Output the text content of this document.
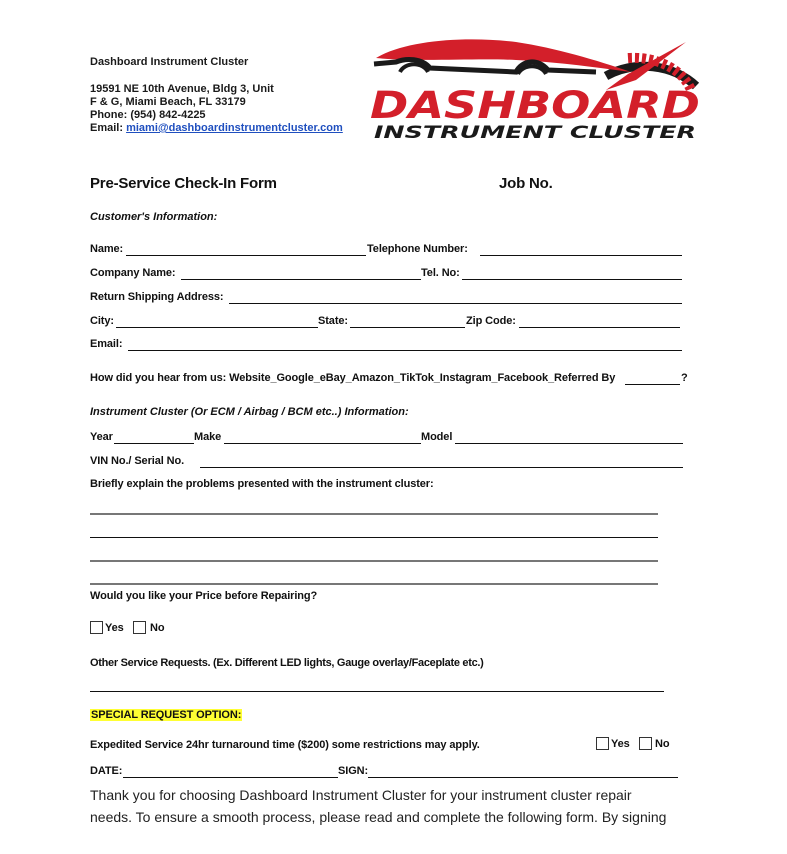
Dashboard Instrument Cluster
19591 NE 10th Avenue, Bldg 3, Unit
F & G, Miami Beach, FL 33179
Phone: (954) 842-4225
Email: miami@dashboardinstrumentcluster.com
DASHBOARD
INSTRUMENT CLUSTER
Pre-Service Check-In Form	Job No.
Customer's Information:
Name:	Telephone Number:
Company Name:	Tel. No:
Return Shipping Address:
City:	State:	Zip Code:
Email:
How did you hear from us: Website_Google_eBay_Amazon_TikTok_Instagram_Facebook_Referred By	?
Instrument Cluster (Or ECM / Airbag / BCM etc..) Information:
Year	Make	Model
VIN No./ Serial No.
Briefly explain the problems presented with the instrument cluster:
Would you like your Price before Repairing?
Yes No
Other Service Requests. (Ex. Different LED lights, Gauge overlay/Faceplate etc.)
SPECIAL REQUEST OPTION:
Expedited Service 24hr turnaround time ($200) some restrictions may apply.	Yes No
DATE:	SIGN:
Thank you for choosing Dashboard Instrument Cluster for your instrument cluster repair
needs. To ensure a smooth process, please read and complete the following form. By signing
